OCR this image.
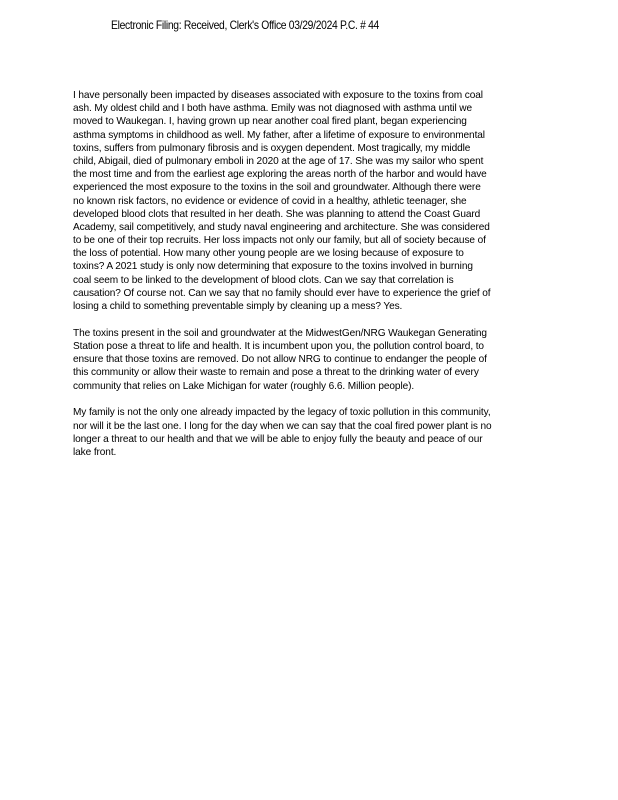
Electronic Filing: Received, Clerk's Office 03/29/2024 P.C. # 44
I have personally been impacted by diseases associated with exposure to the toxins from coal
ash. My oldest child and I both have asthma. Emily was not diagnosed with asthma until we
moved to Waukegan. I, having grown up near another coal fired plant, began experiencing
asthma symptoms in childhood as well. My father, after a lifetime of exposure to environmental
toxins, suffers from pulmonary fibrosis and is oxygen dependent. Most tragically, my middle
child, Abigail, died of pulmonary emboli in 2020 at the age of 17. She was my sailor who spent
the most time and from the earliest age exploring the areas north of the harbor and would have
experienced the most exposure to the toxins in the soil and groundwater. Although there were
no known risk factors, no evidence or evidence of covid in a healthy, athletic teenager, she
developed blood clots that resulted in her death. She was planning to attend the Coast Guard
Academy, sail competitively, and study naval engineering and architecture. She was considered
to be one of their top recruits. Her loss impacts not only our family, but all of society because of
the loss of potential. How many other young people are we losing because of exposure to
toxins? A 2021 study is only now determining that exposure to the toxins involved in burning
coal seem to be linked to the development of blood clots. Can we say that correlation is
causation? Of course not. Can we say that no family should ever have to experience the grief of
losing a child to something preventable simply by cleaning up a mess? Yes.
The toxins present in the soil and groundwater at the MidwestGen/NRG Waukegan Generating
Station pose a threat to life and health. It is incumbent upon you, the pollution control board, to
ensure that those toxins are removed. Do not allow NRG to continue to endanger the people of
this community or allow their waste to remain and pose a threat to the drinking water of every
community that relies on Lake Michigan for water (roughly 6.6. Million people).
My family is not the only one already impacted by the legacy of toxic pollution in this community,
nor will it be the last one. I long for the day when we can say that the coal fired power plant is no
longer a threat to our health and that we will be able to enjoy fully the beauty and peace of our
lake front.
